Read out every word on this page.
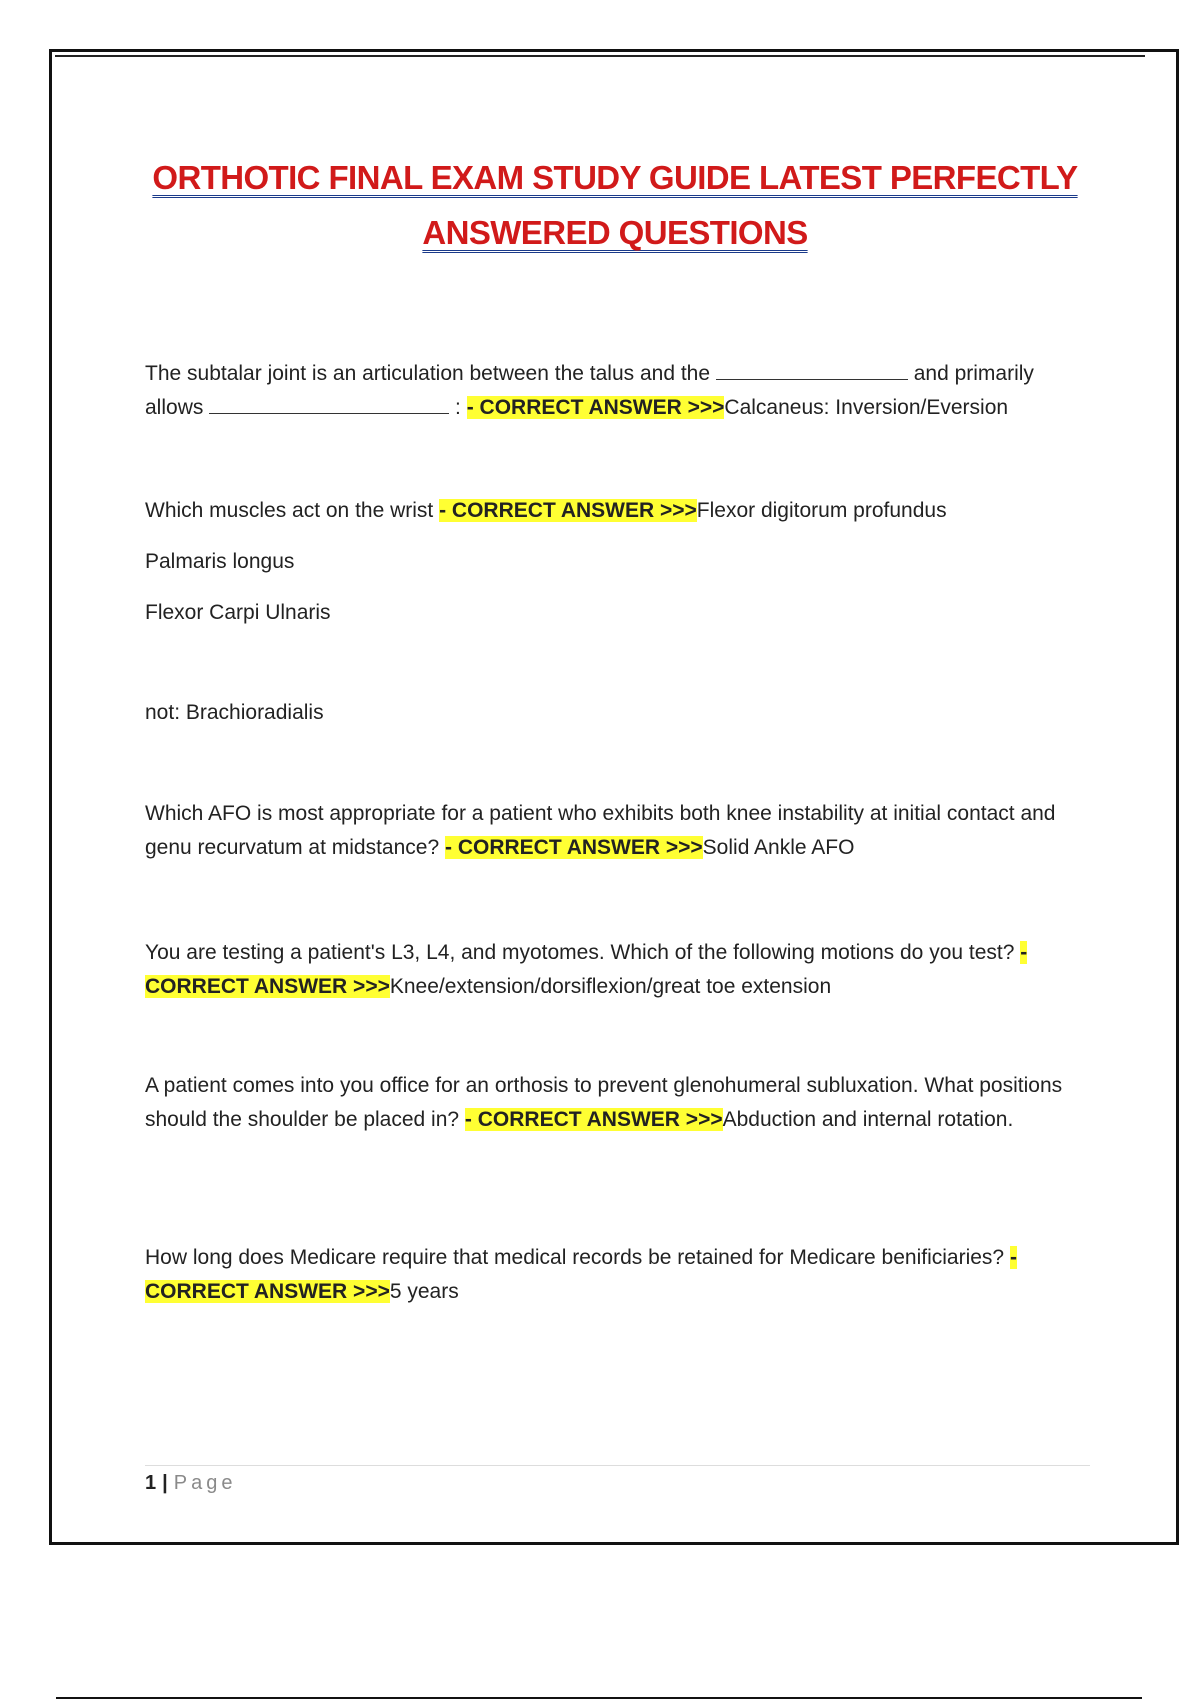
ORTHOTIC FINAL EXAM STUDY GUIDE LATEST PERFECTLY
ANSWERED QUESTIONS

The subtalar joint is an articulation between the talus and the	and primarily allows	: - CORRECT ANSWER >>>Calcaneus: Inversion/Eversion

Which muscles act on the wrist - CORRECT ANSWER >>>Flexor digitorum profundus

Palmaris longus

Flexor Carpi Ulnaris

not: Brachioradialis

Which AFO is most appropriate for a patient who exhibits both knee instability at initial contact and genu recurvatum at midstance? - CORRECT ANSWER >>>Solid Ankle AFO

You are testing a patient's L3, L4, and myotomes. Which of the following motions do you test? - CORRECT ANSWER >>>Knee/extension/dorsiflexion/great toe extension

A patient comes into you office for an orthosis to prevent glenohumeral subluxation. What positions should the shoulder be placed in? - CORRECT ANSWER >>>Abduction and internal rotation.

How long does Medicare require that medical records be retained for Medicare benificiaries? - CORRECT ANSWER >>>5 years

1 | Page
